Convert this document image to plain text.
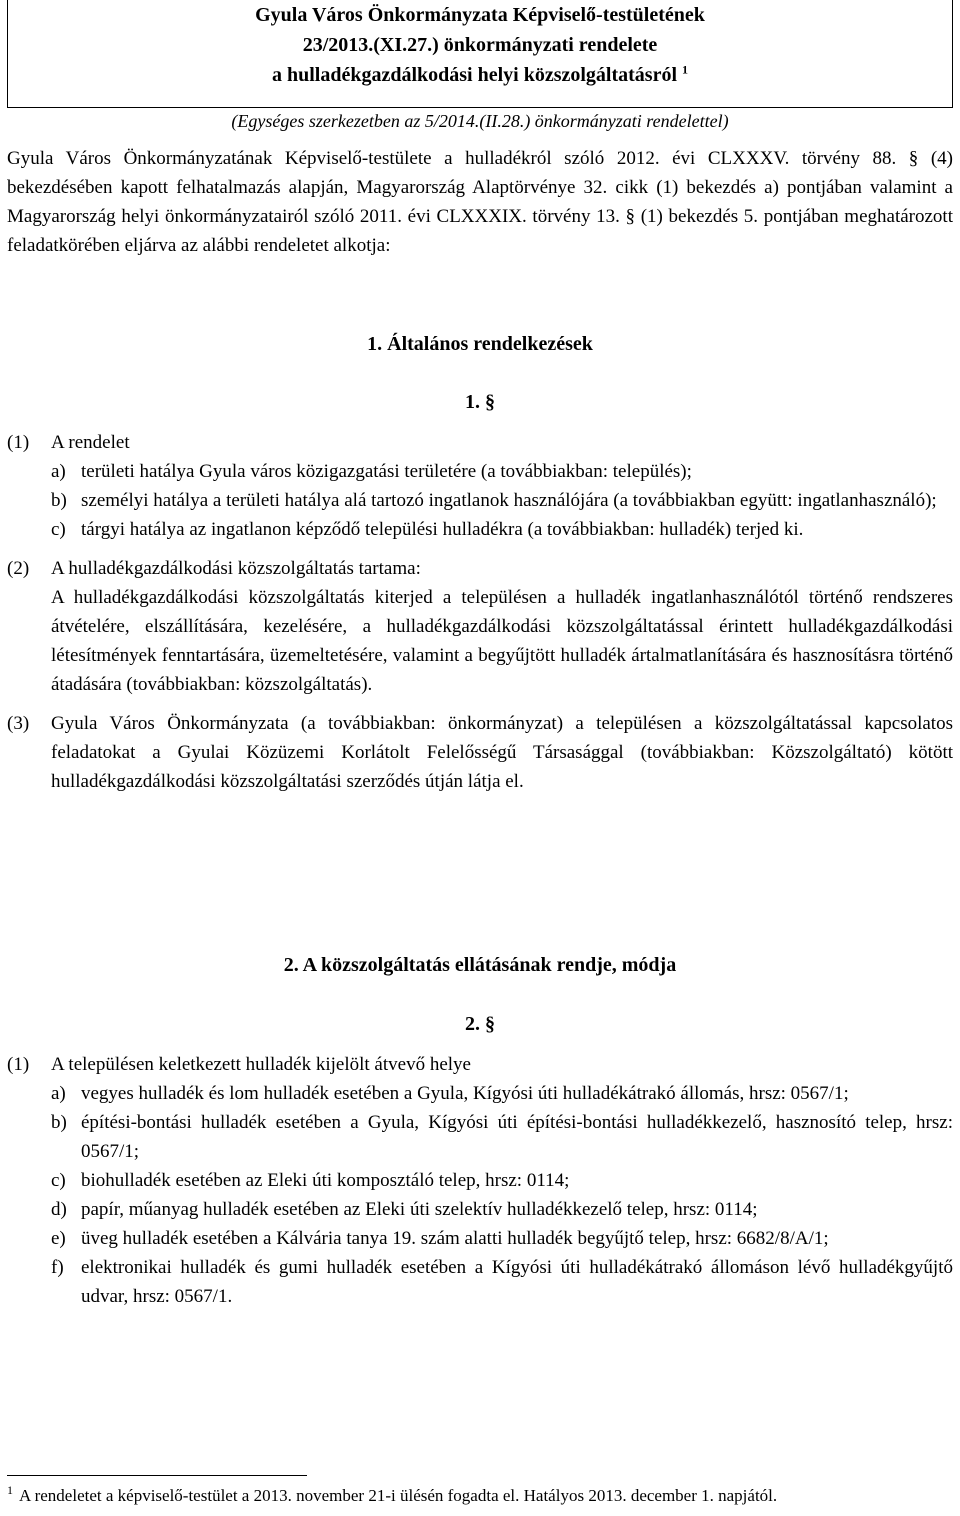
Gyula Város Önkormányzata Képviselő-testületének
23/2013.(XI.27.) önkormányzati rendelete
a hulladékgazdálkodási helyi közszolgáltatásról $^1$
(Egységes szerkezetben az 5/2014.(II.28.) önkormányzati rendelettel)
Gyula Város Önkormányzatának Képviselő-testülete a hulladékról szóló 2012. évi CLXXXV. törvény 88. § (4) bekezdésében kapott felhatalmazás alapján, Magyarország Alaptörvénye 32. cikk (1) bekezdés a) pontjában valamint a Magyarország helyi önkormányzatairól szóló 2011. évi CLXXXIX. törvény 13. § (1) bekezdés 5. pontjában meghatározott feladatkörében eljárva az alábbi rendeletet alkotja:
1. Általános rendelkezések
1. §
(1) A rendelet
a) területi hatálya Gyula város közigazgatási területére (a továbbiakban: település);
b) személyi hatálya a területi hatálya alá tartozó ingatlanok használójára (a továbbiakban együtt: ingatlanhasználó);
c) tárgyi hatálya az ingatlanon képződő települési hulladékra (a továbbiakban: hulladék) terjed ki.
(2) A hulladékgazdálkodási közszolgáltatás tartama:
A hulladékgazdálkodási közszolgáltatás kiterjed a településen a hulladék ingatlanhasználótól történő rendszeres átvételére, elszállítására, kezelésére, a hulladékgazdálkodási közszolgáltatással érintett hulladékgazdálkodási létesítmények fenntartására, üzemeltetésére, valamint a begyűjtött hulladék ártalmatlanítására és hasznosításra történő átadására (továbbiakban: közszolgáltatás).
(3) Gyula Város Önkormányzata (a továbbiakban: önkormányzat) a településen a közszolgáltatással kapcsolatos feladatokat a Gyulai Közüzemi Korlátolt Felelősségű Társasággal (továbbiakban: Közszolgáltató) kötött hulladékgazdálkodási közszolgáltatási szerződés útján látja el.
2. A közszolgáltatás ellátásának rendje, módja
2. §
(1) A településen keletkezett hulladék kijelölt átvevő helye
a) vegyes hulladék és lom hulladék esetében a Gyula, Kígyósi úti hulladékátrakó állomás, hrsz: 0567/1;
b) építési-bontási hulladék esetében a Gyula, Kígyósi úti építési-bontási hulladékkezelő, hasznosító telep, hrsz: 0567/1;
c) biohulladék esetében az Eleki úti komposztáló telep, hrsz: 0114;
d) papír, műanyag hulladék esetében az Eleki úti szelektív hulladékkezelő telep, hrsz: 0114;
e) üveg hulladék esetében a Kálvária tanya 19. szám alatti hulladék begyűjtő telep, hrsz: 6682/8/A/1;
f) elektronikai hulladék és gumi hulladék esetében a Kígyósi úti hulladékátrakó állomáson lévő hulladékgyűjtő udvar, hrsz: 0567/1.
$^1$ A rendeletet a képviselő-testület a 2013. november 21-i ülésén fogadta el. Hatályos 2013. december 1. napjától.
